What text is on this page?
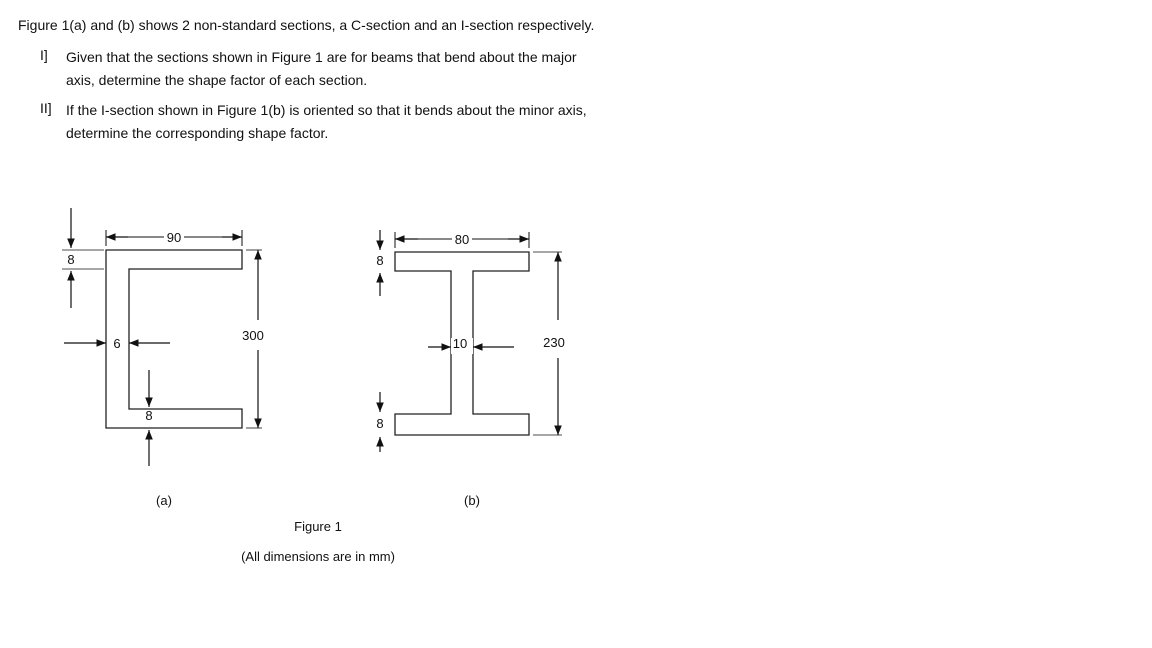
Figure 1(a) and (b) shows 2 non-standard sections, a C-section and an I-section respectively.
I] Given that the sections shown in Figure 1 are for beams that bend about the major
axis, determine the shape factor of each section.
II] If the I-section shown in Figure 1(b) is oriented so that it bends about the minor axis,
determine the corresponding shape factor.
90
8
6
8
300
(a)
80
8
10
8
230
(b)
Figure 1
(All dimensions are in mm)
